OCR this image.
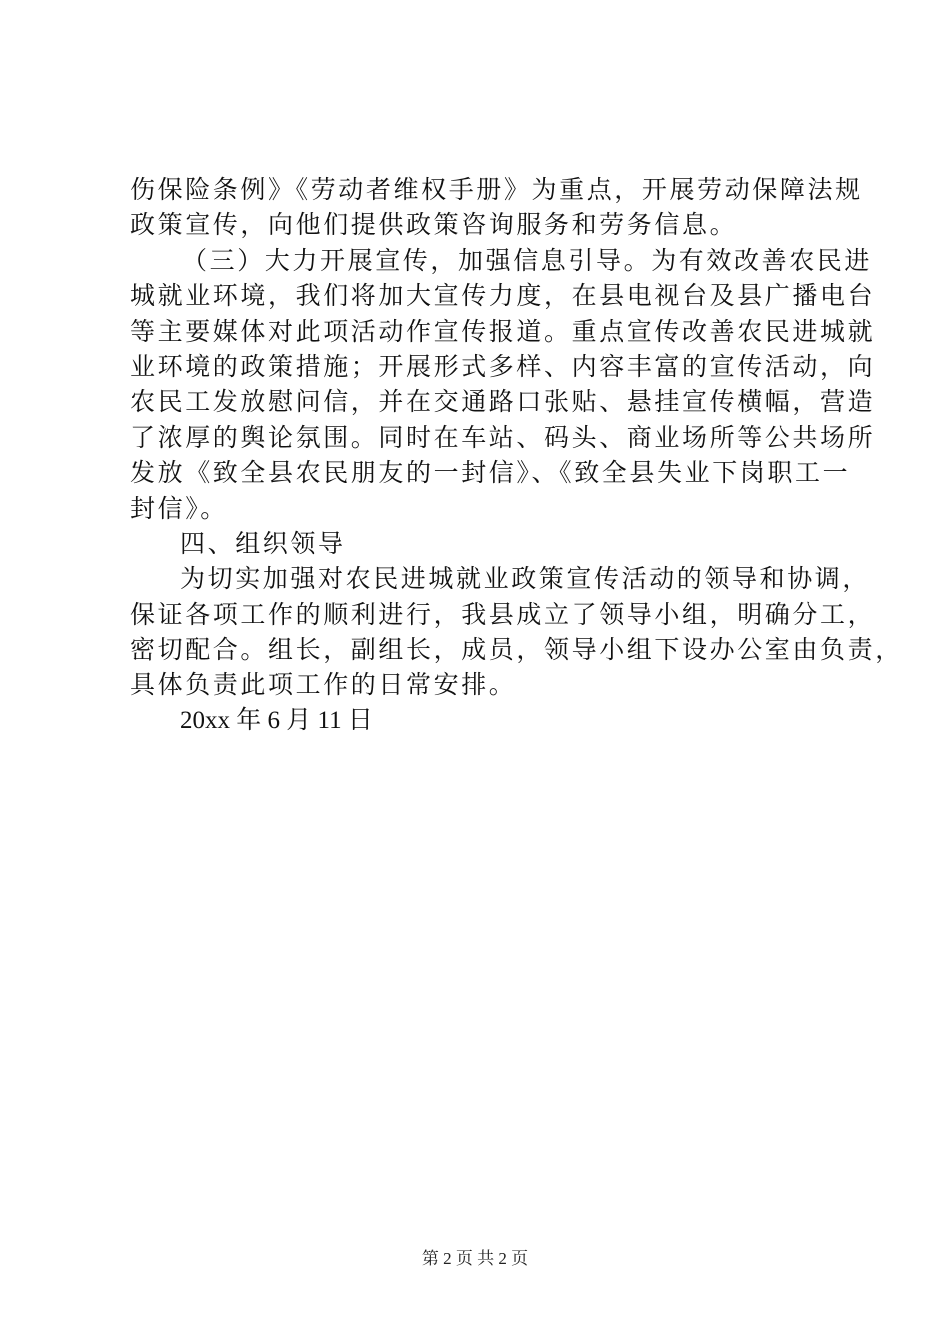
伤保险条例》《劳动者维权手册》为重点，开展劳动保障法规
政策宣传，向他们提供政策咨询服务和劳务信息。
（三）大力开展宣传，加强信息引导。为有效改善农民进
城就业环境，我们将加大宣传力度，在县电视台及县广播电台
等主要媒体对此项活动作宣传报道。重点宣传改善农民进城就
业环境的政策措施；开展形式多样、内容丰富的宣传活动，向
农民工发放慰问信，并在交通路口张贴、悬挂宣传横幅，营造
了浓厚的舆论氛围。同时在车站、码头、商业场所等公共场所
发放《致全县农民朋友的一封信》、《致全县失业下岗职工一
封信》。
四、组织领导
为切实加强对农民进城就业政策宣传活动的领导和协调，
保证各项工作的顺利进行，我县成立了领导小组，明确分工，
密切配合。组长，副组长，成员，领导小组下设办公室由负责，
具体负责此项工作的日常安排。
20xx 年 6 月 11 日
第 2 页 共 2 页
